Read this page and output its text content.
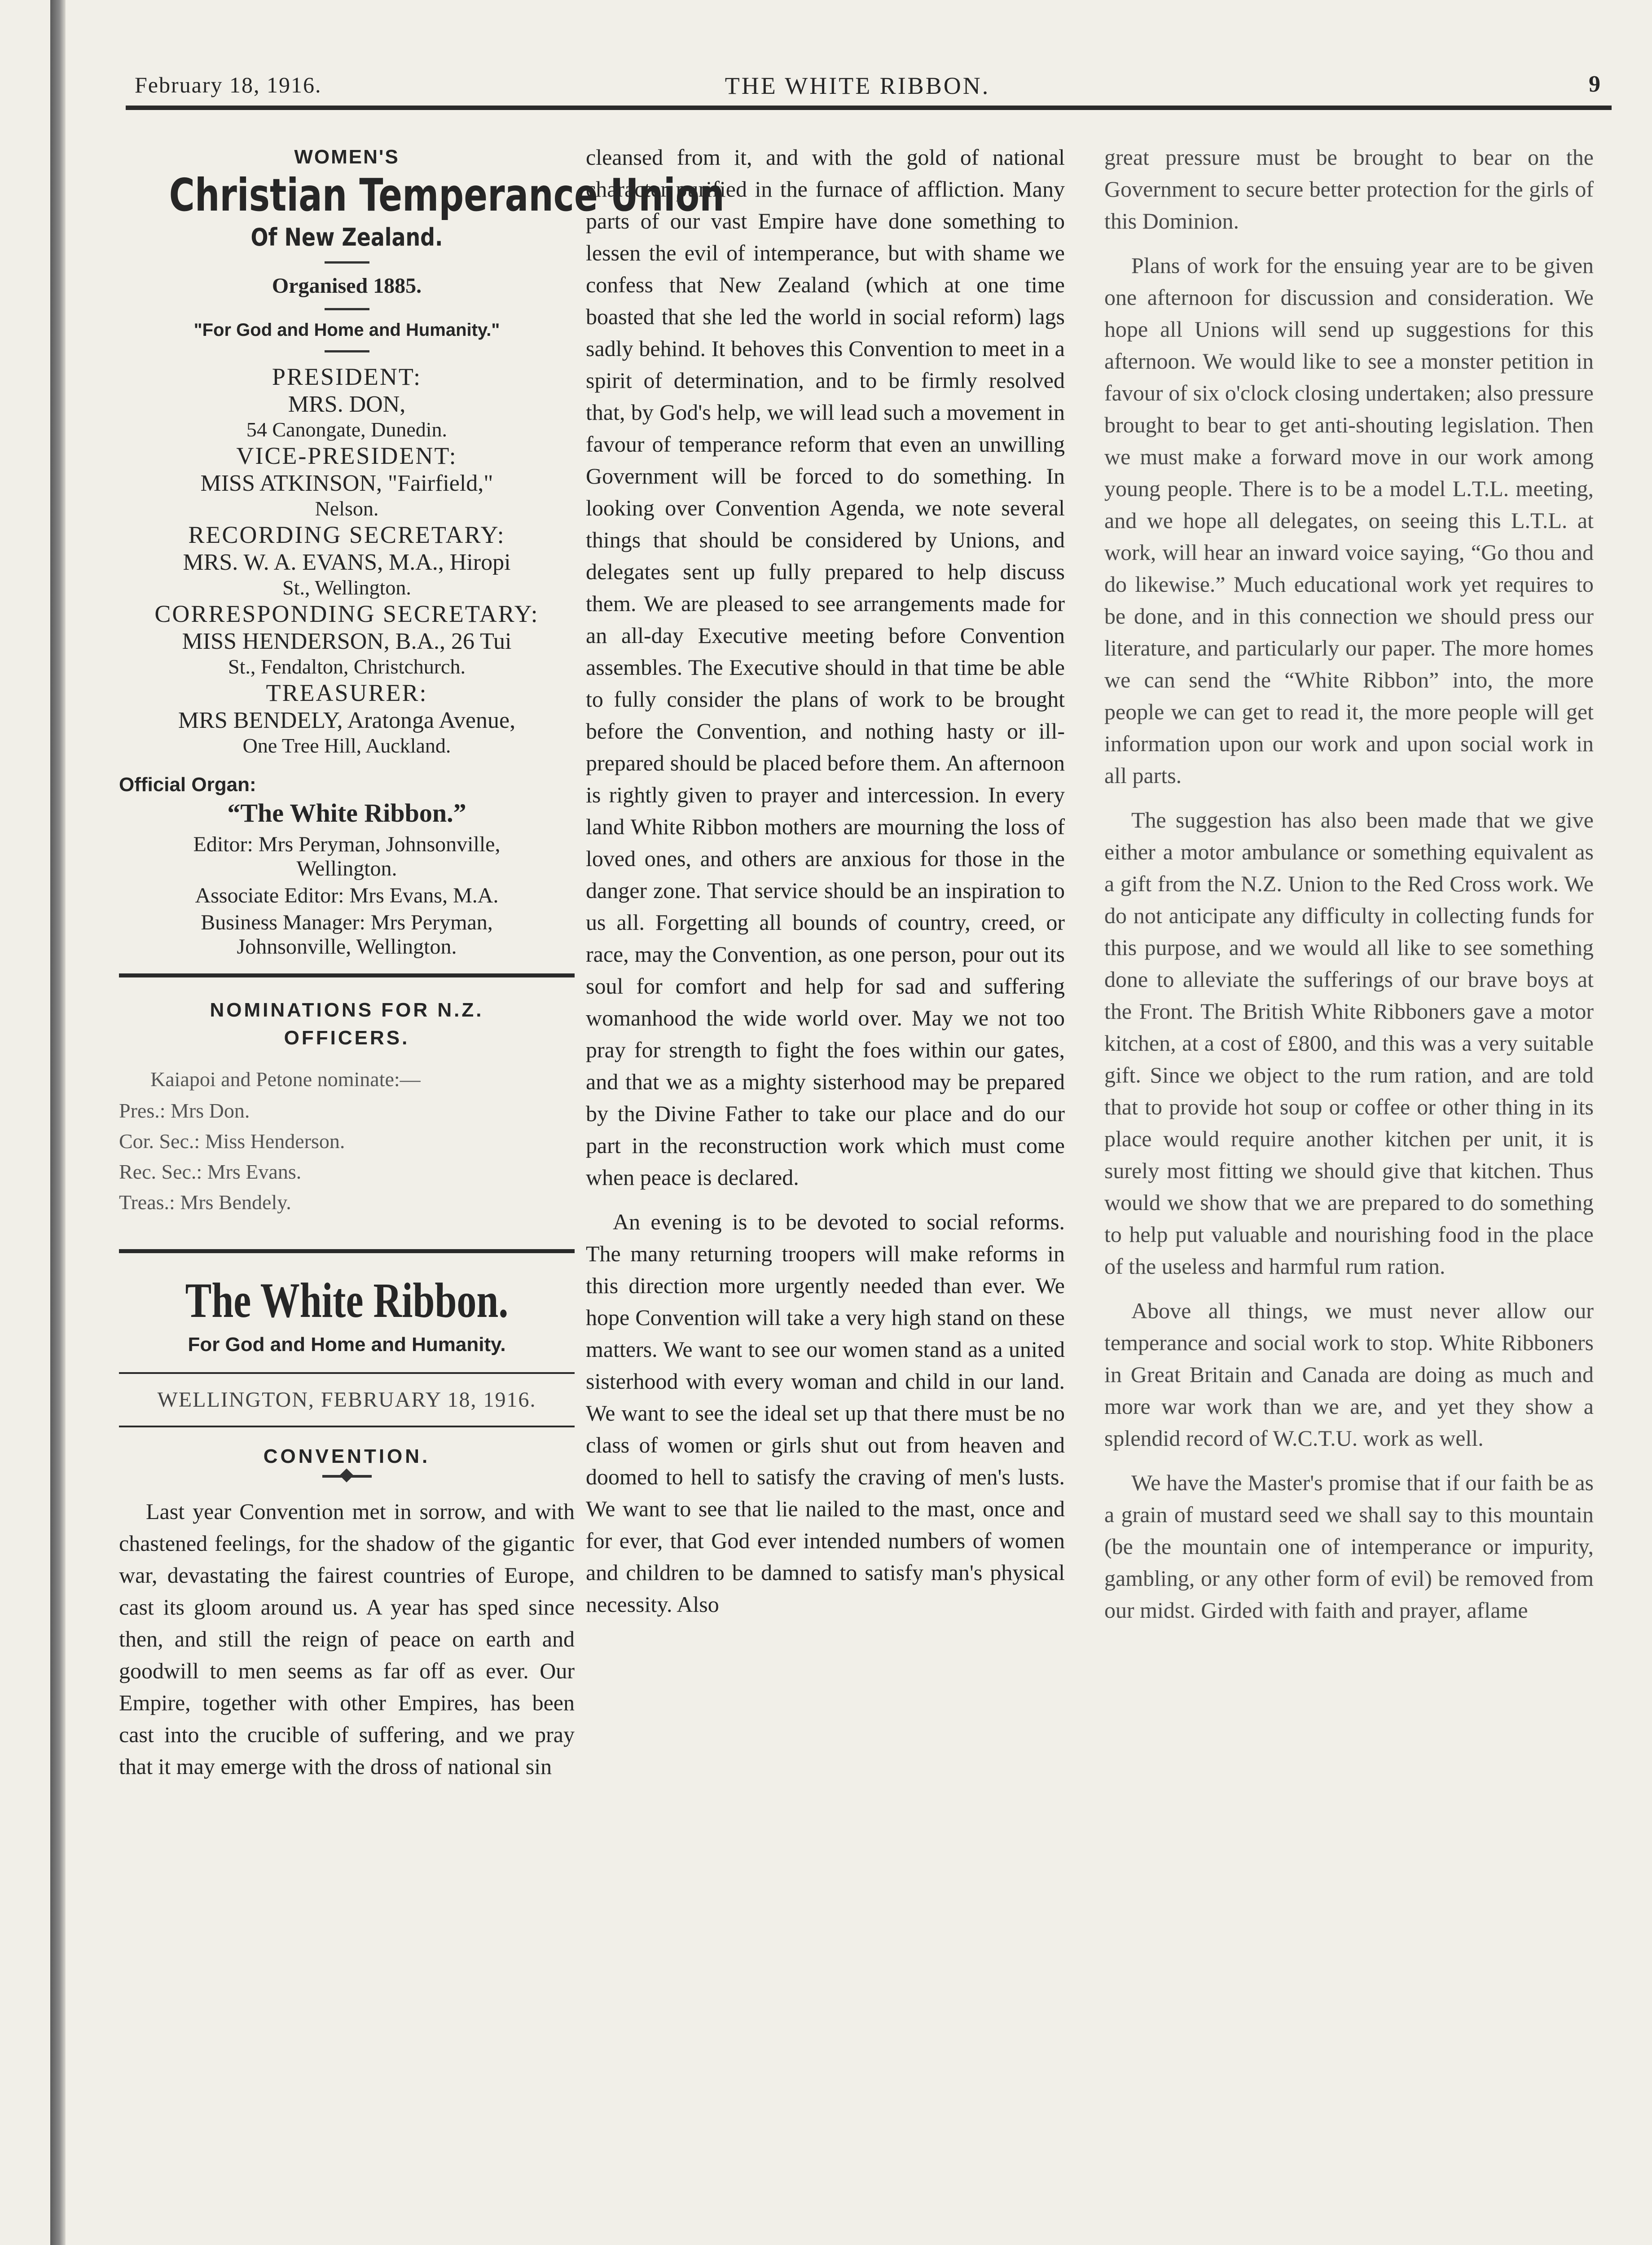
February 18, 1916.	THE WHITE RIBBON.	9
WOMEN'S
Christian Temperance Union
Of New Zealand.
Organised 1885.
"For God and Home and Humanity."
PRESIDENT:
MRS. DON,
54 Canongate, Dunedin.
VICE-PRESIDENT:
MISS ATKINSON, "Fairfield,"
Nelson.
RECORDING SECRETARY:
MRS. W. A. EVANS, M.A., Hiropi
St., Wellington.
CORRESPONDING SECRETARY:
MISS HENDERSON, B.A., 26 Tui
St., Fendalton, Christchurch.
TREASURER:
MRS BENDELY, Aratonga Avenue,
One Tree Hill, Auckland.
Official Organ:
“The White Ribbon.”
Editor: Mrs Peryman, Johnsonville,
Wellington.
Associate Editor: Mrs Evans, M.A.
Business Manager: Mrs Peryman,
Johnsonville, Wellington.
NOMINATIONS FOR N.Z.
OFFICERS.
Kaiapoi and Petone nominate:—
Pres.: Mrs Don.
Cor. Sec.: Miss Henderson.
Rec. Sec.: Mrs Evans.
Treas.: Mrs Bendely.
The White Ribbon.
For God and Home and Humanity.
WELLINGTON, FEBRUARY 18, 1916.
CONVENTION.

Last year Convention met in sorrow, and with chastened feelings, for the shadow of the gigantic war, devastating the fairest countries of Europe, cast its gloom around us. A year has sped since then, and still the reign of peace on earth and goodwill to men seems as far off as ever. Our Empire, together with other Empires, has been cast into the crucible of suffering, and we pray that it may emerge with the dross of national sin

cleansed from it, and with the gold of national character purified in the furnace of affliction. Many parts of our vast Empire have done something to lessen the evil of intemperance, but with shame we confess that New Zealand (which at one time boasted that she led the world in social reform) lags sadly behind. It behoves this Convention to meet in a spirit of determination, and to be firmly resolved that, by God's help, we will lead such a movement in favour of temperance reform that even an unwilling Government will be forced to do something. In looking over Convention Agenda, we note several things that should be considered by Unions, and delegates sent up fully prepared to help discuss them. We are pleased to see arrangements made for an all-day Executive meeting before Convention assembles. The Executive should in that time be able to fully consider the plans of work to be brought before the Convention, and nothing hasty or ill-prepared should be placed before them. An afternoon is rightly given to prayer and intercession. In every land White Ribbon mothers are mourning the loss of loved ones, and others are anxious for those in the danger zone. That service should be an inspiration to us all. Forgetting all bounds of country, creed, or race, may the Convention, as one person, pour out its soul for comfort and help for sad and suffering womanhood the wide world over. May we not too pray for strength to fight the foes within our gates, and that we as a mighty sisterhood may be prepared by the Divine Father to take our place and do our part in the reconstruction work which must come when peace is declared.

An evening is to be devoted to social reforms. The many returning troopers will make reforms in this direction more urgently needed than ever. We hope Convention will take a very high stand on these matters. We want to see our women stand as a united sisterhood with every woman and child in our land. We want to see the ideal set up that there must be no class of women or girls shut out from heaven and doomed to hell to satisfy the craving of men's lusts. We want to see that lie nailed to the mast, once and for ever, that God ever intended numbers of women and children to be damned to satisfy man's physical necessity. Also

great pressure must be brought to bear on the Government to secure better protection for the girls of this Dominion.

Plans of work for the ensuing year are to be given one afternoon for discussion and consideration. We hope all Unions will send up suggestions for this afternoon. We would like to see a monster petition in favour of six o'clock closing undertaken; also pressure brought to bear to get anti-shouting legislation. Then we must make a forward move in our work among young people. There is to be a model L.T.L. meeting, and we hope all delegates, on seeing this L.T.L. at work, will hear an inward voice saying, “Go thou and do likewise.” Much educational work yet requires to be done, and in this connection we should press our literature, and particularly our paper. The more homes we can send the “White Ribbon” into, the more people we can get to read it, the more people will get information upon our work and upon social work in all parts.

The suggestion has also been made that we give either a motor ambulance or something equivalent as a gift from the N.Z. Union to the Red Cross work. We do not anticipate any difficulty in collecting funds for this purpose, and we would all like to see something done to alleviate the sufferings of our brave boys at the Front. The British White Ribboners gave a motor kitchen, at a cost of £800, and this was a very suitable gift. Since we object to the rum ration, and are told that to provide hot soup or coffee or other thing in its place would require another kitchen per unit, it is surely most fitting we should give that kitchen. Thus would we show that we are prepared to do something to help put valuable and nourishing food in the place of the useless and harmful rum ration.

Above all things, we must never allow our temperance and social work to stop. White Ribboners in Great Britain and Canada are doing as much and more war work than we are, and yet they show a splendid record of W.C.T.U. work as well.

We have the Master's promise that if our faith be as a grain of mustard seed we shall say to this mountain (be the mountain one of intemperance or impurity, gambling, or any other form of evil) be removed from our midst. Girded with faith and prayer, aflame
